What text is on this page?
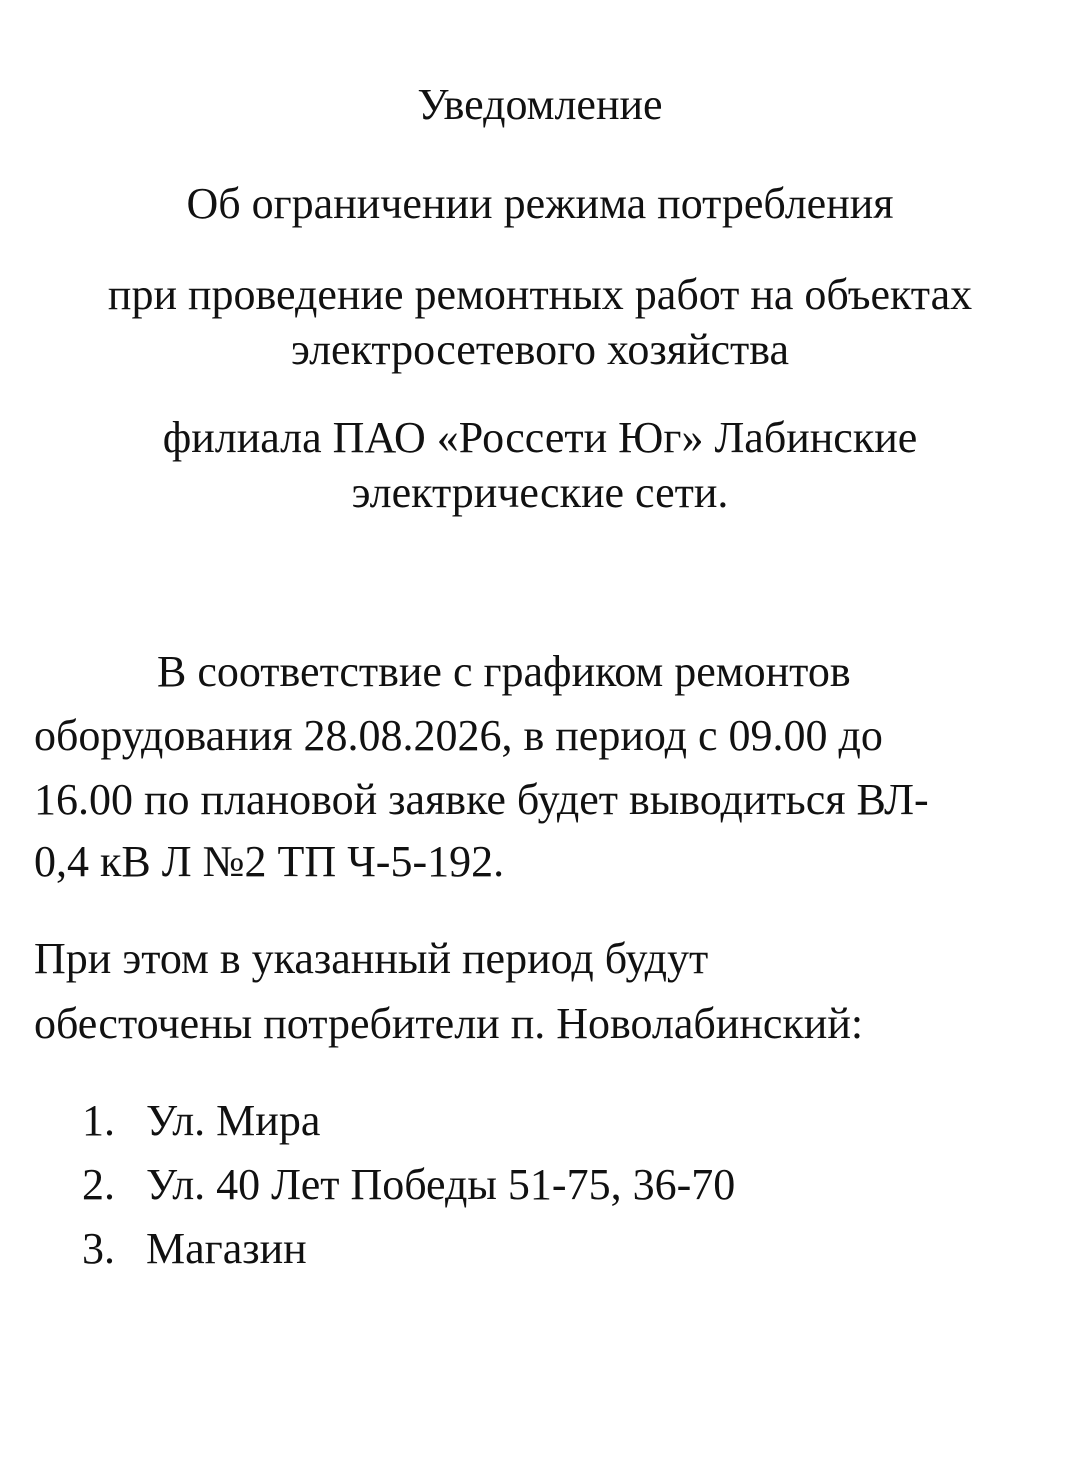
Уведомление
Об ограничении режима потребления
при проведение ремонтных работ на объектах
электросетевого хозяйства
филиала ПАО «Россети Юг» Лабинские
электрические сети.
В соответствие с графиком ремонтов
оборудования 28.08.2026, в период с 09.00 до
16.00 по плановой заявке будет выводиться ВЛ-
0,4 кВ Л №2 ТП Ч-5-192.
При этом в указанный период будут
обесточены потребители п. Новолабинский:
1. Ул. Мира
2. Ул. 40 Лет Победы 51-75, 36-70
3. Магазин
